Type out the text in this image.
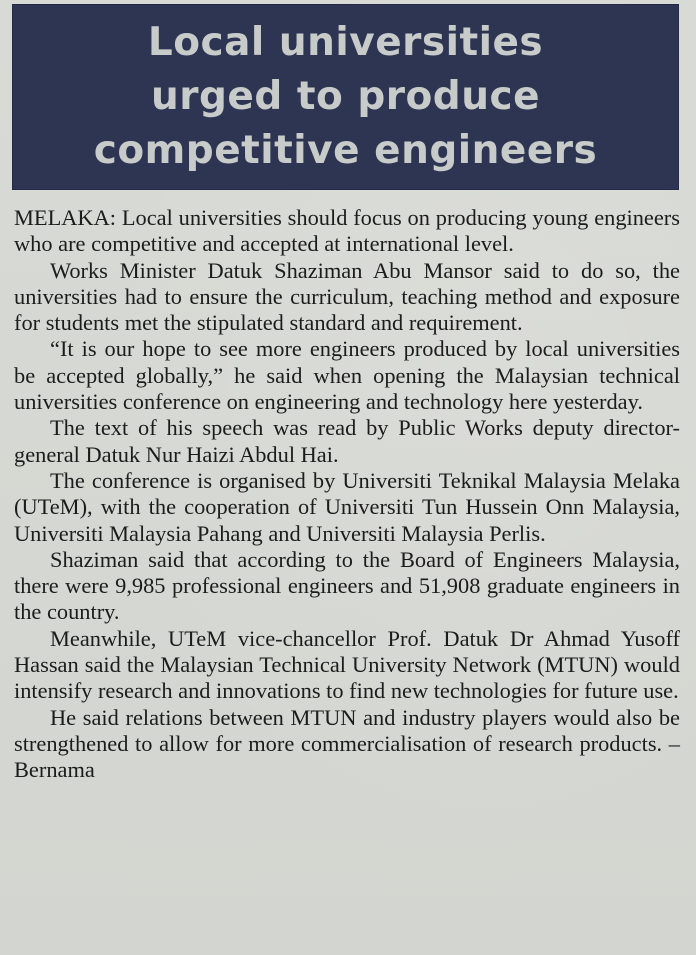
Local universities
urged to produce
competitive engineers

MELAKA: Local universities should focus on producing young engineers who are competitive and accepted at international level.

Works Minister Datuk Shaziman Abu Mansor said to do so, the universities had to ensure the curriculum, teaching method and exposure for students met the stipulated standard and requirement.

“It is our hope to see more engineers produced by local universities be accepted globally,” he said when opening the Malaysian technical universities conference on engineering and technology here yesterday.

The text of his speech was read by Public Works deputy director-general Datuk Nur Haizi Abdul Hai.

The conference is organised by Universiti Teknikal Malaysia Melaka (UTeM), with the cooperation of Universiti Tun Hussein Onn Malaysia, Universiti Malaysia Pahang and Universiti Malaysia Perlis.

Shaziman said that according to the Board of Engineers Malaysia, there were 9,985 professional engineers and 51,908 graduate engineers in the country.

Meanwhile, UTeM vice-chancellor Prof. Datuk Dr Ahmad Yusoff Hassan said the Malaysian Technical University Network (MTUN) would intensify research and innovations to find new technologies for future use.

He said relations between MTUN and industry players would also be strengthened to allow for more commercialisation of research products. – Bernama
